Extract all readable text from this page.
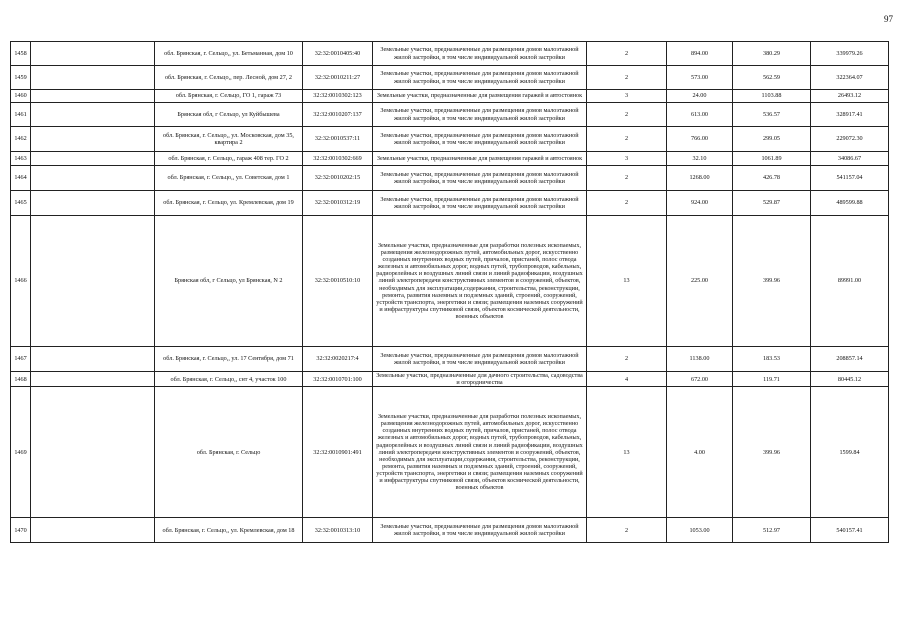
97
1458		обл. Брянская, г. Сельцо,, ул. Бетьманная, дом 10	32:32:0010405:40	Земельные участки, предназначенные для размещения домов малоэтажной жилой застройки, в том числе индивидуальной жилой застройки	2	894.00	380.29	339979.26
1459		обл. Брянская, г. Сельцо,, пер. Лесной, дом 27, 2	32:32:0010211:27	Земельные участки, предназначенные для размещения домов малоэтажной жилой застройки, в том числе индивидуальной жилой застройки	2	573.00	562.59	322364.07
1460		обл. Брянская, г. Сельцо, ГО 1, гараж 73	32:32:0010302:123	Земельные участки, предназначенные для размещения гаражей и автостоянок	3	24.00	1103.88	26493.12
1461		Брянская обл, г Сельцо, ул Куйбышева	32:32:0010207:137	Земельные участки, предназначенные для размещения домов малоэтажной жилой застройки, в том числе индивидуальной жилой застройки	2	613.00	536.57	328917.41
1462		обл. Брянская, г. Сельцо,, ул. Московская, дом 35, квартира 2	32:32:0010537:11	Земельные участки, предназначенные для размещения домов малоэтажной жилой застройки, в том числе индивидуальной жилой застройки	2	766.00	299.05	229072.30
1463		обл. Брянская, г. Сельцо,, гараж 408 тер. ГО 2	32:32:0010302:669	Земельные участки, предназначенные для размещения гаражей и автостоянок	3	32.10	1061.89	34086.67
1464		обл. Брянская, г. Сельцо,, ул. Советская, дом 1	32:32:0010202:15	Земельные участки, предназначенные для размещения домов малоэтажной жилой застройки, в том числе индивидуальной жилой застройки	2	1268.00	426.78	541157.04
1465		обл. Брянская, г. Сельцо, ул. Кремлевская, дом 19	32:32:0010312:19	Земельные участки, предназначенные для размещения домов малоэтажной жилой застройки, в том числе индивидуальной жилой застройки	2	924.00	529.87	489599.88
1466		Брянская обл, г Сельцо, ул Брянская, N 2	32:32:0010510:10	Земельные участки, предназначенные для разработки полезных ископаемых, размещения железнодорожных путей, автомобильных дорог, искусственно созданных внутренних водных путей, причалов, пристаней, полос отвода железных и автомобильных дорог, водных путей, трубопроводов, кабельных, радиорелейных и воздушных линий связи и линий радиофикации, воздушных линий электропередачи конструктивных элементов и сооружений, объектов, необходимых для эксплуатации,содержания, строительства, реконструкции, ремонта, развития наземных и подземных зданий, строений, сооружений, устройств транспорта, энергетики и связи; размещения наземных сооружений и инфраструктуры спутниковой связи, объектов космической деятельности, военных объектов	13	225.00	399.96	89991.00
1467		обл. Брянская, г. Сельцо,, ул. 17 Сентября, дом 71	32:32:0020217:4	Земельные участки, предназначенные для размещения домов малоэтажной жилой застройки, в том числе индивидуальной жилой застройки	2	1138.00	183.53	208857.14
1468		обл. Брянская, г. Сельцо,, снт 4, участок 100	32:32:0010701:100	Земельные участки, предназначенные для дачного строительства, садоводства и огородничества	4	672.00	119.71	80445.12
1469		обл. Брянская, г. Сельцо	32:32:0010901:491	Земельные участки, предназначенные для разработки полезных ископаемых, размещения железнодорожных путей, автомобильных дорог, искусственно созданных внутренних водных путей, причалов, пристаней, полос отвода железных и автомобильных дорог, водных путей, трубопроводов, кабельных, радиорелейных и воздушных линий связи и линий радиофикации, воздушных линий электропередачи конструктивных элементов и сооружений, объектов, необходимых для эксплуатации,содержания, строительства, реконструкции, ремонта, развития наземных и подземных зданий, строений, сооружений, устройств транспорта, энергетики и связи; размещения наземных сооружений и инфраструктуры спутниковой связи, объектов космической деятельности, военных объектов	13	4.00	399.96	1599.84
1470		обл. Брянская, г. Сельцо,, ул. Кремлевская, дом 18	32:32:0010313:10	Земельные участки, предназначенные для размещения домов малоэтажной жилой застройки, в том числе индивидуальной жилой застройки	2	1053.00	512.97	540157.41
